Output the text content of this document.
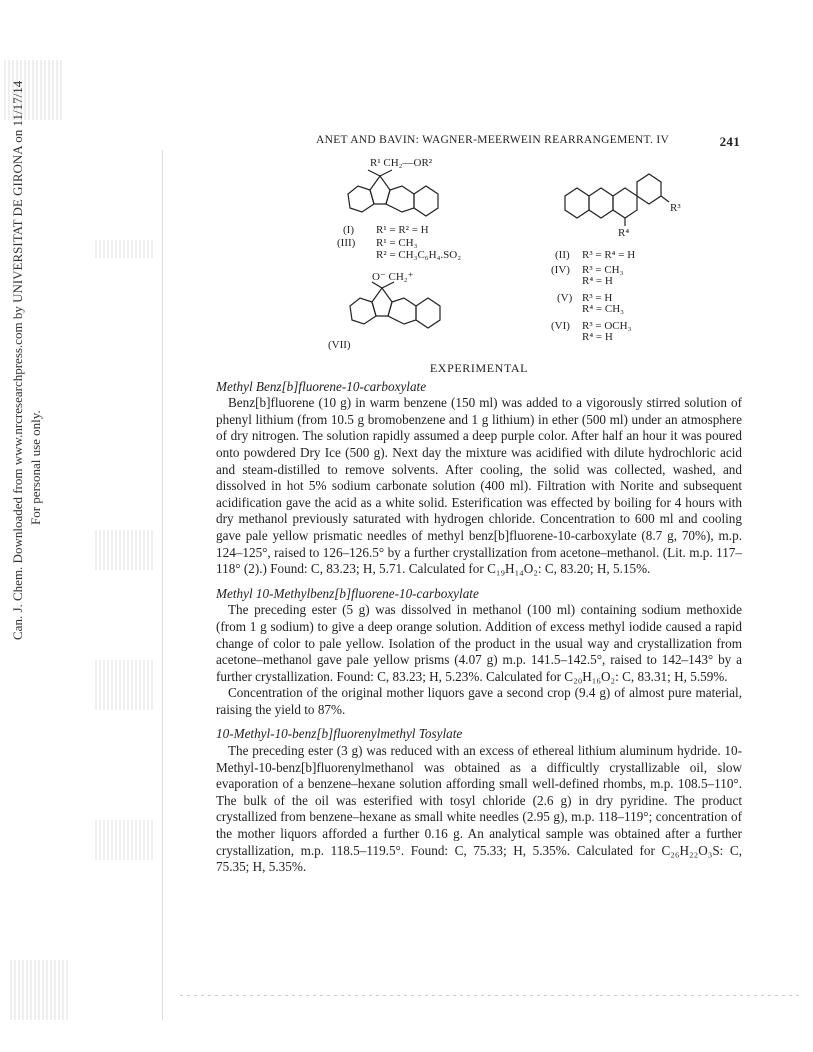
Can. J. Chem. Downloaded from www.nrcresearchpress.com by UNIVERSITAT DE GIRONA on 11/17/14 For personal use only.
ANET AND BAVIN: WAGNER-MEERWEIN REARRANGEMENT. IV	241
R¹ CH₂—OR²
(I) R¹ = R² = H
(III) R¹ = CH₃
R² = CH₃C₆H₄.SO₂
O⁻ CH₂⁺
(VII)
R³
R⁴
(II) R³ = R⁴ = H
(IV) R³ = CH₃
R⁴ = H
(V) R³ = H
R⁴ = CH₃
(VI) R³ = OCH₃
R⁴ = H
EXPERIMENTAL
Methyl Benz[b]fluorene-10-carboxylate

Benz[b]fluorene (10 g) in warm benzene (150 ml) was added to a vigorously stirred solution of phenyl lithium (from 10.5 g bromobenzene and 1 g lithium) in ether (500 ml) under an atmosphere of dry nitrogen. The solution rapidly assumed a deep purple color. After half an hour it was poured onto powdered Dry Ice (500 g). Next day the mixture was acidified with dilute hydrochloric acid and steam-distilled to remove solvents. After cooling, the solid was collected, washed, and dissolved in hot 5% sodium carbonate solution (400 ml). Filtration with Norite and subsequent acidification gave the acid as a white solid. Esterification was effected by boiling for 4 hours with dry methanol previously saturated with hydrogen chloride. Concentration to 600 ml and cooling gave pale yellow prismatic needles of methyl benz[b]fluorene-10-carboxylate (8.7 g, 70%), m.p. 124–125°, raised to 126–126.5° by a further crystallization from acetone–methanol. (Lit. m.p. 117–118° (2).) Found: C, 83.23; H, 5.71. Calculated for C₁₉H₁₄O₂: C, 83.20; H, 5.15%.

Methyl 10-Methylbenz[b]fluorene-10-carboxylate

The preceding ester (5 g) was dissolved in methanol (100 ml) containing sodium methoxide (from 1 g sodium) to give a deep orange solution. Addition of excess methyl iodide caused a rapid change of color to pale yellow. Isolation of the product in the usual way and crystallization from acetone–methanol gave pale yellow prisms (4.07 g) m.p. 141.5–142.5°, raised to 142–143° by a further crystallization. Found: C, 83.23; H, 5.23%. Calculated for C₂₀H₁₆O₂: C, 83.31; H, 5.59%.

Concentration of the original mother liquors gave a second crop (9.4 g) of almost pure material, raising the yield to 87%.

10-Methyl-10-benz[b]fluorenylmethyl Tosylate

The preceding ester (3 g) was reduced with an excess of ethereal lithium aluminum hydride. 10-Methyl-10-benz[b]fluorenylmethanol was obtained as a difficultly crystallizable oil, slow evaporation of a benzene–hexane solution affording small well-defined rhombs, m.p. 108.5–110°. The bulk of the oil was esterified with tosyl chloride (2.6 g) in dry pyridine. The product crystallized from benzene–hexane as small white needles (2.95 g), m.p. 118–119°; concentration of the mother liquors afforded a further 0.16 g. An analytical sample was obtained after a further crystallization, m.p. 118.5–119.5°. Found: C, 75.33; H, 5.35%. Calculated for C₂₆H₂₂O₃S: C, 75.35; H, 5.35%.
